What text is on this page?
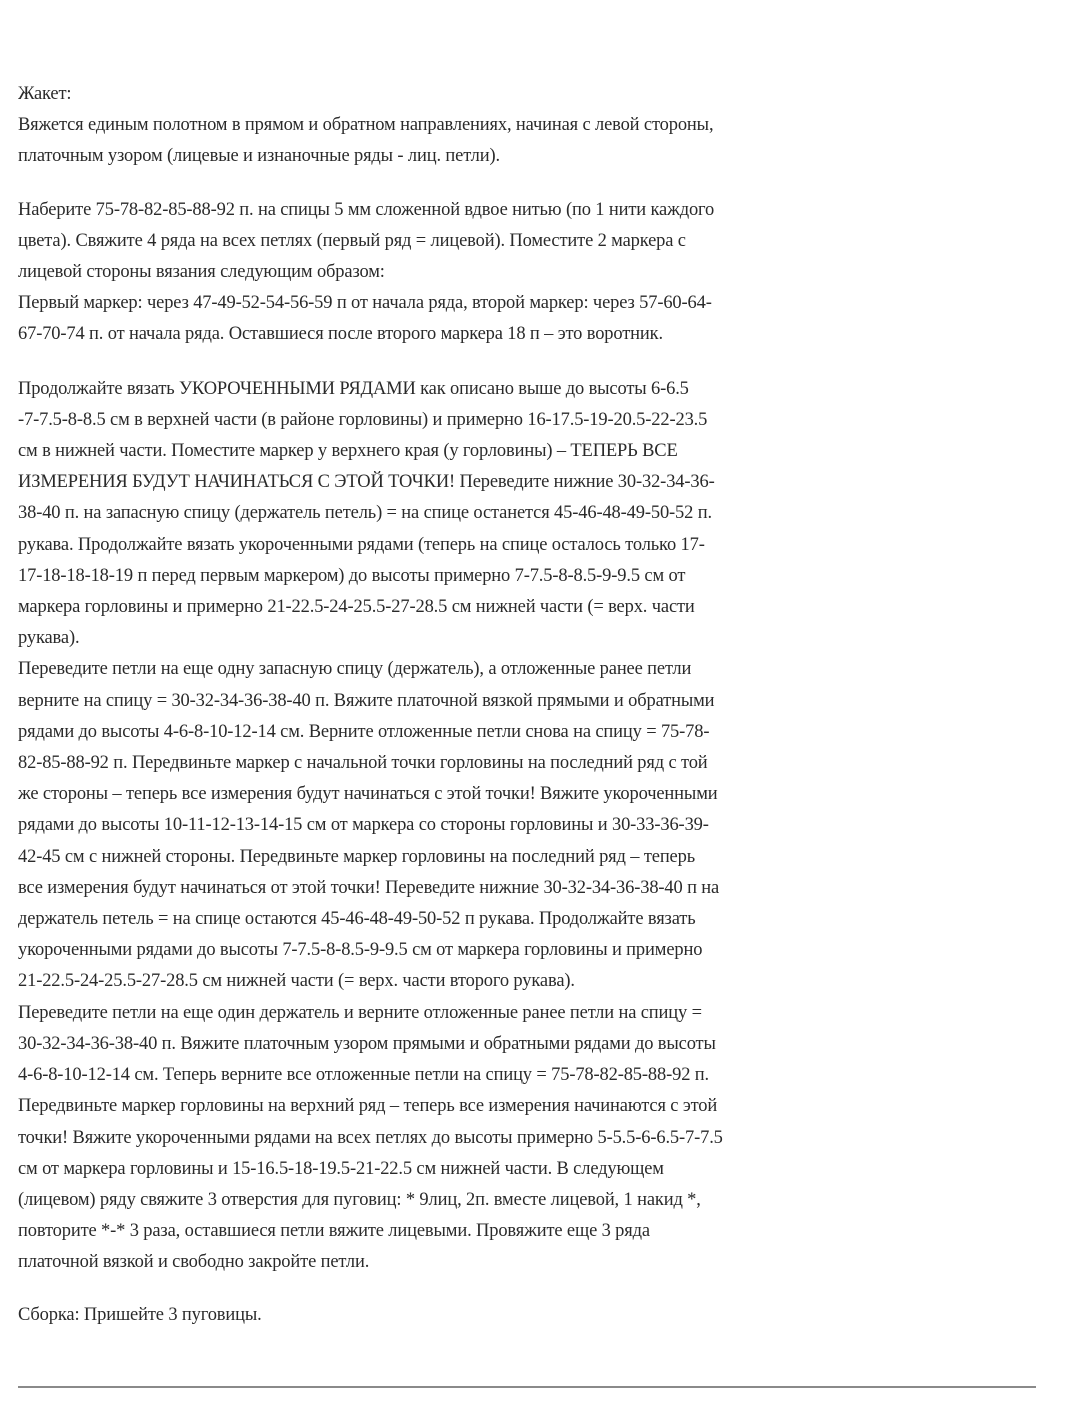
Жакет:
Вяжется единым полотном в прямом и обратном направлениях, начиная с левой стороны,
платочным узором (лицевые и изнаночные ряды - лиц. петли).
Наберите 75-78-82-85-88-92 п. на спицы 5 мм сложенной вдвое нитью (по 1 нити каждого
цвета). Свяжите 4 ряда на всех петлях (первый ряд = лицевой). Поместите 2 маркера с
лицевой стороны вязания следующим образом:
Первый маркер: через 47-49-52-54-56-59 п от начала ряда, второй маркер: через 57-60-64-
67-70-74 п. от начала ряда. Оставшиеся после второго маркера 18 п – это воротник.
Продолжайте вязать УКОРОЧЕННЫМИ РЯДАМИ как описано выше до высоты 6-6.5
-7-7.5-8-8.5 см в верхней части (в районе горловины) и примерно 16-17.5-19-20.5-22-23.5
см в нижней части. Поместите маркер у верхнего края (у горловины) – ТЕПЕРЬ ВСЕ
ИЗМЕРЕНИЯ БУДУТ НАЧИНАТЬСЯ С ЭТОЙ ТОЧКИ! Переведите нижние 30-32-34-36-
38-40 п. на запасную спицу (держатель петель) = на спице останется 45-46-48-49-50-52 п.
рукава. Продолжайте вязать укороченными рядами (теперь на спице осталось только 17-
17-18-18-18-19 п перед первым маркером) до высоты примерно 7-7.5-8-8.5-9-9.5 см от
маркера горловины и примерно 21-22.5-24-25.5-27-28.5 см нижней части (= верх. части
рукава).
Переведите петли на еще одну запасную спицу (держатель), а отложенные ранее петли
верните на спицу = 30-32-34-36-38-40 п. Вяжите платочной вязкой прямыми и обратными
рядами до высоты 4-6-8-10-12-14 см. Верните отложенные петли снова на спицу = 75-78-
82-85-88-92 п. Передвиньте маркер с начальной точки горловины на последний ряд с той
же стороны – теперь все измерения будут начинаться с этой точки! Вяжите укороченными
рядами до высоты 10-11-12-13-14-15 см от маркера со стороны горловины и 30-33-36-39-
42-45 см с нижней стороны. Передвиньте маркер горловины на последний ряд – теперь
все измерения будут начинаться от этой точки! Переведите нижние 30-32-34-36-38-40 п на
держатель петель = на спице остаются 45-46-48-49-50-52 п рукава. Продолжайте вязать
укороченными рядами до высоты 7-7.5-8-8.5-9-9.5 см от маркера горловины и примерно
21-22.5-24-25.5-27-28.5 см нижней части (= верх. части второго рукава).
Переведите петли на еще один держатель и верните отложенные ранее петли на спицу =
30-32-34-36-38-40 п. Вяжите платочным узором прямыми и обратными рядами до высоты
4-6-8-10-12-14 см. Теперь верните все отложенные петли на спицу = 75-78-82-85-88-92 п.
Передвиньте маркер горловины на верхний ряд – теперь все измерения начинаются с этой
точки! Вяжите укороченными рядами на всех петлях до высоты примерно 5-5.5-6-6.5-7-7.5
см от маркера горловины и 15-16.5-18-19.5-21-22.5 см нижней части. В следующем
(лицевом) ряду свяжите 3 отверстия для пуговиц: * 9лиц, 2п. вместе лицевой, 1 накид *,
повторите *-* 3 раза, оставшиеся петли вяжите лицевыми. Провяжите еще 3 ряда
платочной вязкой и свободно закройте петли.
Сборка: Пришейте 3 пуговицы.
